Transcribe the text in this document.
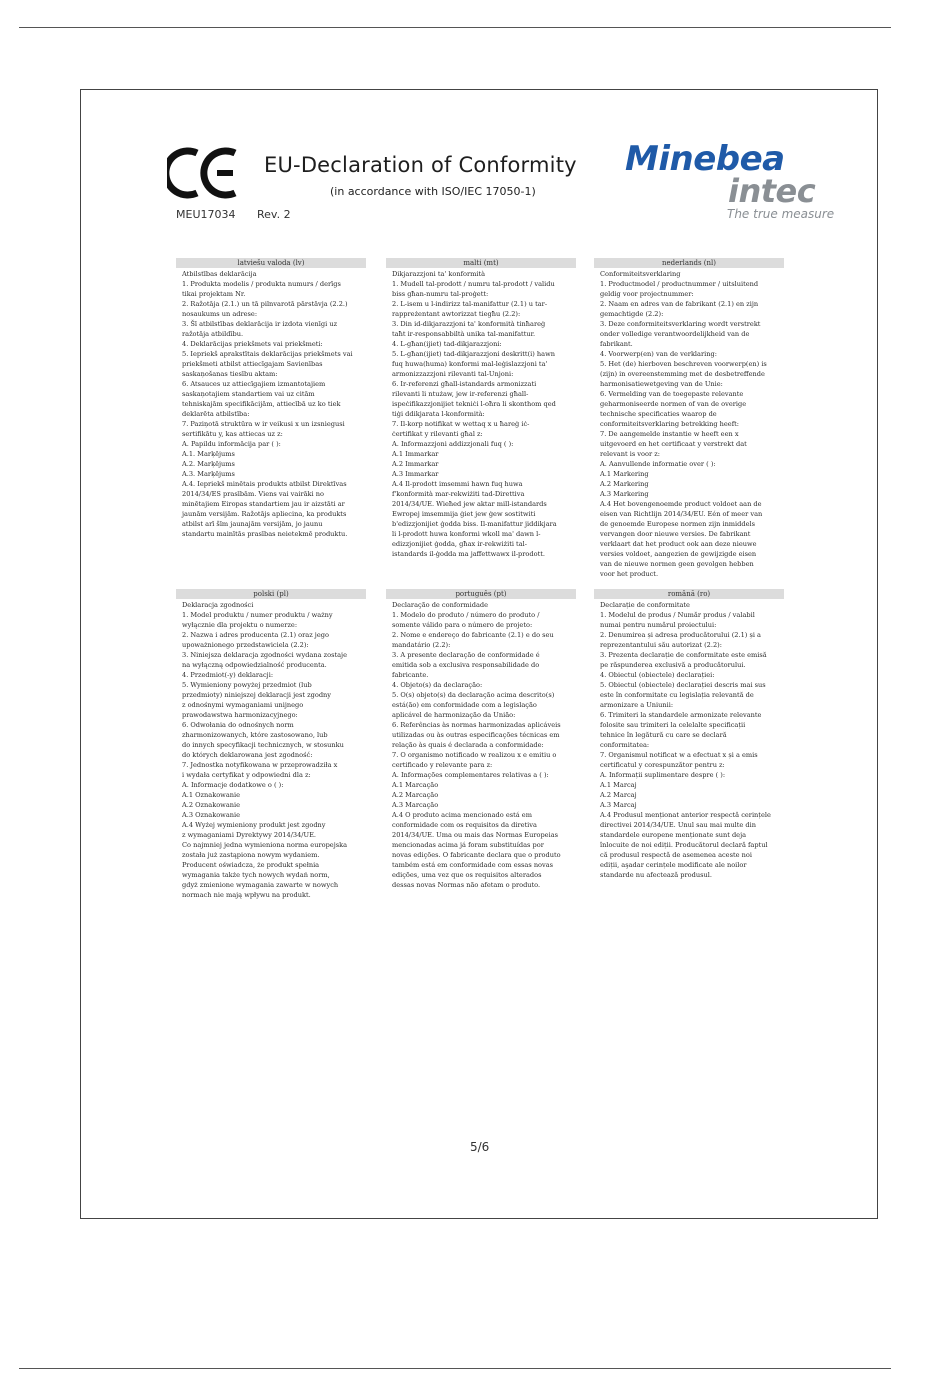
MEU17034 Rev. 2
EU-Declaration of Conformity
(in accordance with ISO/IEC 17050-1)
Minebea
intec
The true measure
latviešu valoda (lv)
Atbilstības deklarācija
1. Produkta modelis / produkta numurs / derīgs
tikai projektam Nr.
2. Ražotāja (2.1.) un tā pilnvarotā pārstāvja (2.2.)
nosaukums un adrese:
3. Šī atbilstības deklarācija ir izdota vienīgi uz
ražotāja atbildību.
4. Deklarācijas priekšmets vai priekšmeti:
5. Iepriekš aprakstītais deklarācijas priekšmets vai
priekšmeti atbilst attiecīgajam Savienības
saskaņošanas tiesību aktam:
6. Atsauces uz attiecīgajiem izmantotajiem
saskaņotajiem standartiem vai uz citām
tehniskajām specifikācijām, attiecībā uz ko tiek
deklarēta atbilstība:
7. Paziņotā struktūra w ir veikusi x un izsniegusi
sertifikātu y, kas attiecas uz z:
A. Papildu informācija par ( ):
A.1. Marķējums
A.2. Marķējums
A.3. Marķējums
A.4. Iepriekš minētais produkts atbilst Direktīvas
2014/34/ES prasībām. Viens vai vairāki no
minētajiem Eiropas standartiem jau ir aizstāti ar
jaunām versijām. Ražotājs apliecina, ka produkts
atbilst arī šīm jaunajām versijām, jo jaunu
standartu mainītās prasības neietekmē produktu.
malti (mt)
Dikjarazzjoni ta' konformità
1. Mudell tal-prodott / numru tal-prodott / validu
biss għan-numru tal-proġett:
2. L-isem u l-indirizz tal-manifattur (2.1) u tar-
rappreżentant awtorizzat tiegħu (2.2):
3. Din id-dikjarazzjoni ta' konformità tinħareġ
taħt ir-responsabbiltà unika tal-manifattur.
4. L-għan(ijiet) tad-dikjarazzjoni:
5. L-għan(ijiet) tad-dikjarazzjoni deskritt(i) hawn
fuq huwa(huma) konformi mal-leġislazzjoni ta'
armonizzazzjoni rilevanti tal-Unjoni:
6. Ir-referenzi għall-istandards armonizzati
rilevanti li ntużaw, jew ir-referenzi għall-
ispeċifikazzjonijiet tekniċi l-oħra li skonthom qed
tiġi ddikjarata l-konformità:
7. Il-korp notifikat w wettaq x u ħareġ iċ-
ċertifikat y rilevanti għal z:
A. Informazzjoni addizzjonali fuq ( ):
A.1 Immarkar
A.2 Immarkar
A.3 Immarkar
A.4 Il-prodott imsemmi hawn fuq huwa
f'konformità mar-rekwiżiti tad-Direttiva
2014/34/UE. Wieħed jew aktar mill-istandards
Ewropej imsemmija ġiet jew ġew sostitwiti
b'edizzjonijiet ġodda biss. Il-manifattur jiddikjara
li l-prodott huwa konformi wkoll ma' dawn l-
edizzjonijiet ġodda, għax ir-rekwiżiti tal-
istandards il-ġodda ma jaffettwawx il-prodott.
nederlands (nl)
Conformiteitsverklaring
1. Productmodel / productnummer / uitsluitend
geldig voor projectnummer:
2. Naam en adres van de fabrikant (2.1) en zijn
gemachtigde (2.2):
3. Deze conformiteitsverklaring wordt verstrekt
onder volledige verantwoordelijkheid van de
fabrikant.
4. Voorwerp(en) van de verklaring:
5. Het (de) hierboven beschreven voorwerp(en) is
(zijn) in overeenstemming met de desbetreffende
harmonisatiewetgeving van de Unie:
6. Vermelding van de toegepaste relevante
geharmoniseerde normen of van de overige
technische specificaties waarop de
conformiteitsverklaring betrekking heeft:
7. De aangemelde instantie w heeft een x
uitgevoerd en het certificaat y verstrekt dat
relevant is voor z:
A. Aanvullende informatie over ( ):
A.1 Markering
A.2 Markering
A.3 Markering
A.4 Het bovengenoemde product voldoet aan de
eisen van Richtlijn 2014/34/EU. Eén of meer van
de genoemde Europese normen zijn inmiddels
vervangen door nieuwe versies. De fabrikant
verklaart dat het product ook aan deze nieuwe
versies voldoet, aangezien de gewijzigde eisen
van de nieuwe normen geen gevolgen hebben
voor het product.
polski (pl)
Deklaracja zgodności
1. Model produktu / numer produktu / ważny
wyłącznie dla projektu o numerze:
2. Nazwa i adres producenta (2.1) oraz jego
upoważnionego przedstawiciela (2.2):
3. Niniejsza deklaracja zgodności wydana zostaje
na wyłączną odpowiedzialność producenta.
4. Przedmiot(-y) deklaracji:
5. Wymieniony powyżej przedmiot (lub
przedmioty) niniejszej deklaracji jest zgodny
z odnośnymi wymaganiami unijnego
prawodawstwa harmonizacyjnego:
6. Odwołania do odnośnych norm
zharmonizowanych, które zastosowano, lub
do innych specyfikacji technicznych, w stosunku
do których deklarowana jest zgodność:
7. Jednostka notyfikowana w przeprowadziła x
i wydała certyfikat y odpowiedni dla z:
A. Informacje dodatkowe o ( ):
A.1 Oznakowanie
A.2 Oznakowanie
A.3 Oznakowanie
A.4 Wyżej wymieniony produkt jest zgodny
z wymaganiami Dyrektywy 2014/34/UE.
Co najmniej jedna wymieniona norma europejska
została już zastąpiona nowym wydaniem.
Producent oświadcza, że produkt spełnia
wymagania także tych nowych wydań norm,
gdyż zmienione wymagania zawarte w nowych
normach nie mają wpływu na produkt.
português (pt)
Declaração de conformidade
1. Modelo do produto / número do produto /
somente válido para o número de projeto:
2. Nome e endereço do fabricante (2.1) e do seu
mandatário (2.2):
3. A presente declaração de conformidade é
emitida sob a exclusiva responsabilidade do
fabricante.
4. Objeto(s) da declaração:
5. O(s) objeto(s) da declaração acima descrito(s)
está(ão) em conformidade com a legislação
aplicável de harmonização da União:
6. Referências às normas harmonizadas aplicáveis
utilizadas ou às outras especificações técnicas em
relação às quais é declarada a conformidade:
7. O organismo notificado w realizou x e emitiu o
certificado y relevante para z:
A. Informações complementares relativas a ( ):
A.1 Marcação
A.2 Marcação
A.3 Marcação
A.4 O produto acima mencionado está em
conformidade com os requisitos da diretiva
2014/34/UE. Uma ou mais das Normas Europeias
mencionadas acima já foram substituídas por
novas edições. O fabricante declara que o produto
também está em conformidade com essas novas
edições, uma vez que os requisitos alterados
dessas novas Normas não afetam o produto.
română (ro)
Declarație de conformitate
1. Modelul de produs / Număr produs / valabil
numai pentru numărul proiectului:
2. Denumirea și adresa producătorului (2.1) și a
reprezentantului său autorizat (2.2):
3. Prezenta declarație de conformitate este emisă
pe răspunderea exclusivă a producătorului.
4. Obiectul (obiectele) declarației:
5. Obiectul (obiectele) declarației descris mai sus
este în conformitate cu legislația relevantă de
armonizare a Uniunii:
6. Trimiteri la standardele armonizate relevante
folosite sau trimiteri la celelalte specificații
tehnice în legătură cu care se declară
conformitatea:
7. Organismul notificat w a efectuat x și a emis
certificatul y corespunzător pentru z:
A. Informații suplimentare despre ( ):
A.1 Marcaj
A.2 Marcaj
A.3 Marcaj
A.4 Produsul menționat anterior respectă cerințele
directivei 2014/34/UE. Unul sau mai multe din
standardele europene menționate sunt deja
înlocuite de noi ediții. Producătorul declară faptul
că produsul respectă de asemenea aceste noi
ediții, aşadar cerințele modificate ale noilor
standarde nu afectează produsul.
5/6
